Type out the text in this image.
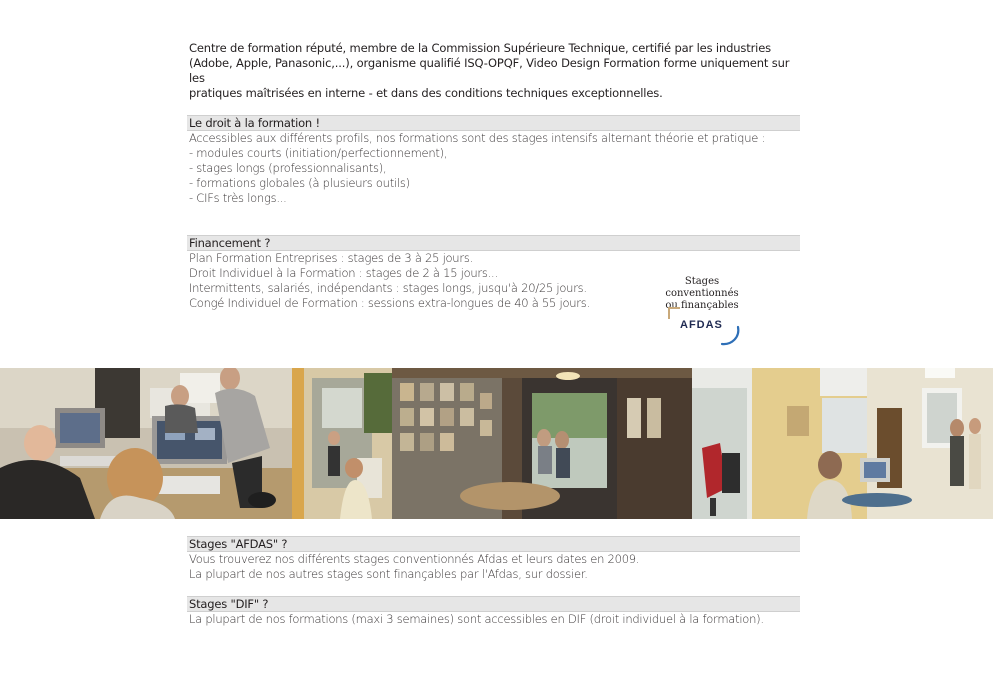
Centre de formation réputé, membre de la Commission Supérieure Technique, certifié par les industries
(Adobe, Apple, Panasonic,...), organisme qualifié ISQ-OPQF, Video Design Formation forme uniquement sur les
pratiques maîtrisées en interne - et dans des conditions techniques exceptionnelles.
Le droit à la formation !
Accessibles aux différents profils, nos formations sont des stages intensifs alternant théorie et pratique :
- modules courts (initiation/perfectionnement),
- stages longs (professionnalisants),
- formations globales (à plusieurs outils)
- CIFs très longs...
Financement ?
Plan Formation Entreprises : stages de 3 à 25 jours.
Droit Individuel à la Formation : stages de 2 à 15 jours...
Intermittents, salariés, indépendants : stages longs, jusqu'à 20/25 jours.
Congé Individuel de Formation : sessions extra-longues de 40 à 55 jours.
Stages conventionnés
ou finançables
AFDAS
Stages "AFDAS" ?
Vous trouverez nos différents stages conventionnés Afdas et leurs dates en 2009.
La plupart de nos autres stages sont finançables par l'Afdas, sur dossier.
Stages "DIF" ?
La plupart de nos formations (maxi 3 semaines) sont accessibles en DIF (droit individuel à la formation).
